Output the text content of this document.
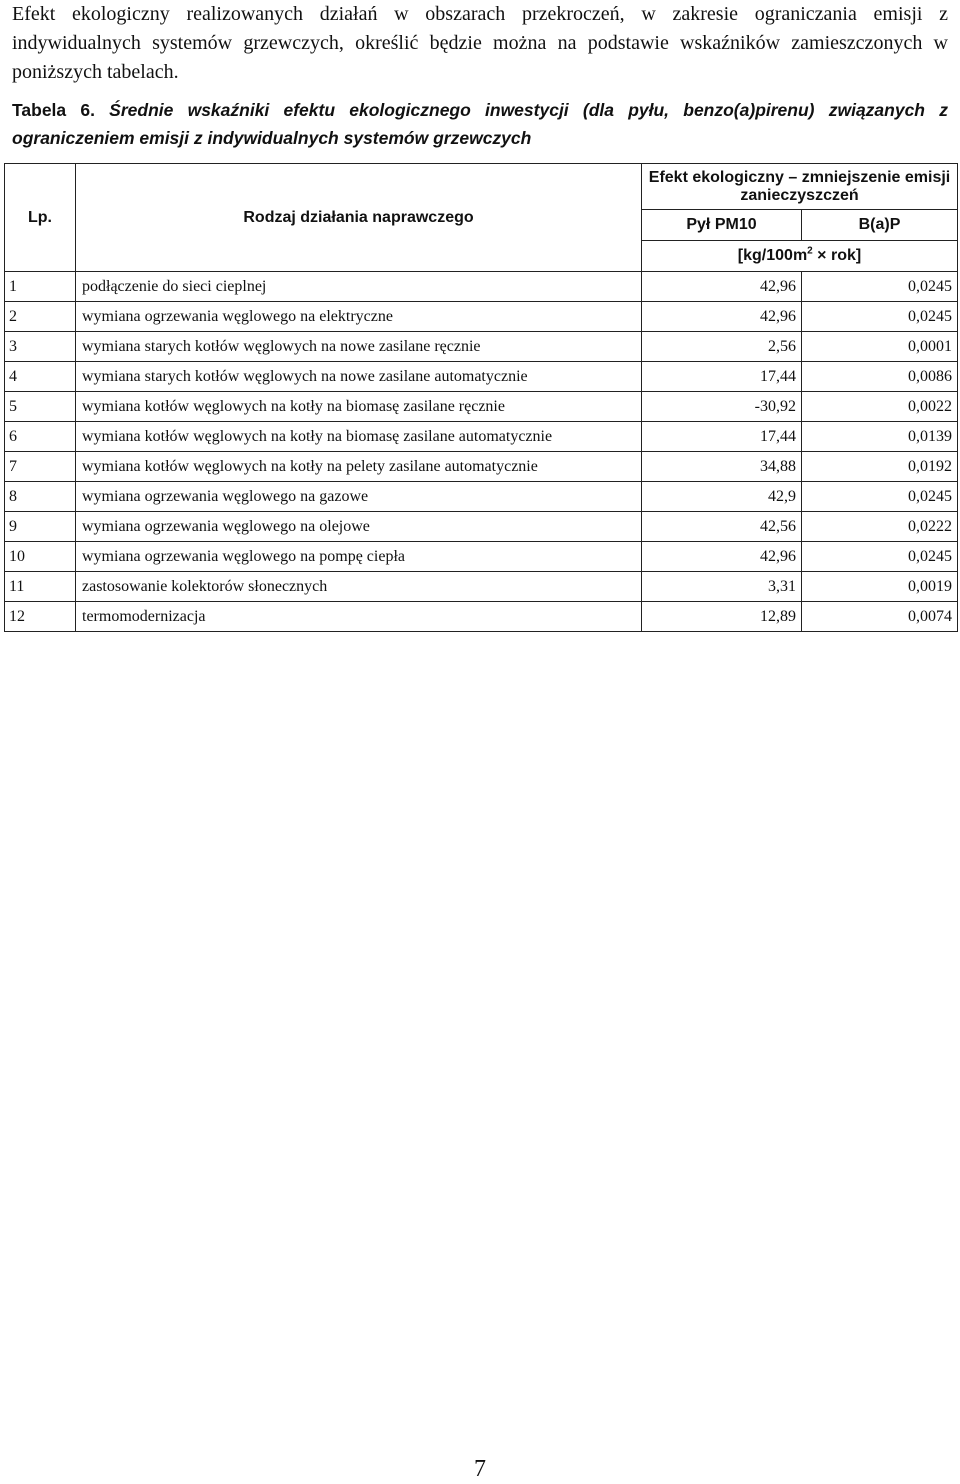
Efekt ekologiczny realizowanych działań w obszarach przekroczeń, w zakresie ograniczania emisji z indywidualnych systemów grzewczych, określić będzie można na podstawie wskaźników zamieszczonych w poniższych tabelach.

Tabela 6. Średnie wskaźniki efektu ekologicznego inwestycji (dla pyłu, benzo(a)pirenu) związanych z ograniczeniem emisji z indywidualnych systemów grzewczych

Lp.	Rodzaj działania naprawczego	Efekt ekologiczny – zmniejszenie emisji zanieczyszczeń	
		Pył PM10	B(a)P
		$[kg/100m^2 \times rok]$	
1	podłączenie do sieci cieplnej	42,96	0,0245
2	wymiana ogrzewania węglowego na elektryczne	42,96	0,0245
3	wymiana starych kotłów węglowych na nowe zasilane ręcznie	2,56	0,0001
4	wymiana starych kotłów węglowych na nowe zasilane automatycznie	17,44	0,0086
5	wymiana kotłów węglowych na kotły na biomasę zasilane ręcznie	-30,92	0,0022
6	wymiana kotłów węglowych na kotły na biomasę zasilane automatycznie	17,44	0,0139
7	wymiana kotłów węglowych na kotły na pelety zasilane automatycznie	34,88	0,0192
8	wymiana ogrzewania węglowego na gazowe	42,9	0,0245
9	wymiana ogrzewania węglowego na olejowe	42,56	0,0222
10	wymiana ogrzewania węglowego na pompę ciepła	42,96	0,0245
11	zastosowanie kolektorów słonecznych	3,31	0,0019
12	termomodernizacja	12,89	0,0074
7
